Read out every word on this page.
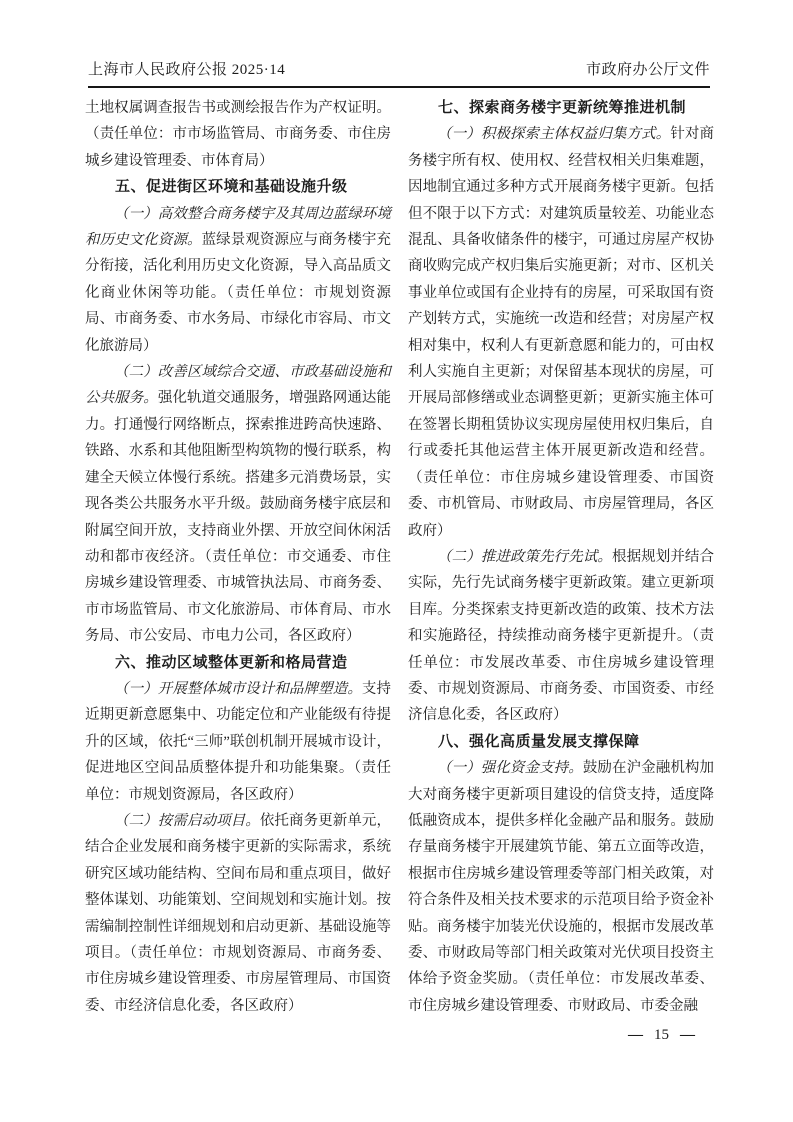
上海市人民政府公报 2025·14	市政府办公厅文件

土地权属调查报告书或测绘报告作为产权证明。（责任单位：市市场监管局、市商务委、市住房城乡建设管理委、市体育局）

五、促进街区环境和基础设施升级

（一）高效整合商务楼宇及其周边蓝绿环境和历史文化资源。蓝绿景观资源应与商务楼宇充分衔接，活化利用历史文化资源，导入高品质文化商业休闲等功能。（责任单位：市规划资源局、市商务委、市水务局、市绿化市容局、市文化旅游局）

（二）改善区域综合交通、市政基础设施和公共服务。强化轨道交通服务，增强路网通达能力。打通慢行网络断点，探索推进跨高快速路、铁路、水系和其他阻断型构筑物的慢行联系，构建全天候立体慢行系统。搭建多元消费场景，实现各类公共服务水平升级。鼓励商务楼宇底层和附属空间开放，支持商业外摆、开放空间休闲活动和都市夜经济。（责任单位：市交通委、市住房城乡建设管理委、市城管执法局、市商务委、市市场监管局、市文化旅游局、市体育局、市水务局、市公安局、市电力公司，各区政府）

六、推动区域整体更新和格局营造

（一）开展整体城市设计和品牌塑造。支持近期更新意愿集中、功能定位和产业能级有待提升的区域，依托“三师”联创机制开展城市设计，促进地区空间品质整体提升和功能集聚。（责任单位：市规划资源局，各区政府）

（二）按需启动项目。依托商务更新单元，结合企业发展和商务楼宇更新的实际需求，系统研究区域功能结构、空间布局和重点项目，做好整体谋划、功能策划、空间规划和实施计划。按需编制控制性详细规划和启动更新、基础设施等项目。（责任单位：市规划资源局、市商务委、市住房城乡建设管理委、市房屋管理局、市国资委、市经济信息化委，各区政府）

七、探索商务楼宇更新统筹推进机制

（一）积极探索主体权益归集方式。针对商务楼宇所有权、使用权、经营权相关归集难题，因地制宜通过多种方式开展商务楼宇更新。包括但不限于以下方式：对建筑质量较差、功能业态混乱、具备收储条件的楼宇，可通过房屋产权协商收购完成产权归集后实施更新；对市、区机关事业单位或国有企业持有的房屋，可采取国有资产划转方式，实施统一改造和经营；对房屋产权相对集中，权利人有更新意愿和能力的，可由权利人实施自主更新；对保留基本现状的房屋，可开展局部修缮或业态调整更新；更新实施主体可在签署长期租赁协议实现房屋使用权归集后，自行或委托其他运营主体开展更新改造和经营。（责任单位：市住房城乡建设管理委、市国资委、市机管局、市财政局、市房屋管理局，各区政府）

（二）推进政策先行先试。根据规划并结合实际，先行先试商务楼宇更新政策。建立更新项目库。分类探索支持更新改造的政策、技术方法和实施路径，持续推动商务楼宇更新提升。（责任单位：市发展改革委、市住房城乡建设管理委、市规划资源局、市商务委、市国资委、市经济信息化委，各区政府）

八、强化高质量发展支撑保障

（一）强化资金支持。鼓励在沪金融机构加大对商务楼宇更新项目建设的信贷支持，适度降低融资成本，提供多样化金融产品和服务。鼓励存量商务楼宇开展建筑节能、第五立面等改造，根据市住房城乡建设管理委等部门相关政策，对符合条件及相关技术要求的示范项目给予资金补贴。商务楼宇加装光伏设施的，根据市发展改革委、市财政局等部门相关政策对光伏项目投资主体给予资金奖励。（责任单位：市发展改革委、市住房城乡建设管理委、市财政局、市委金融

— 15 —
